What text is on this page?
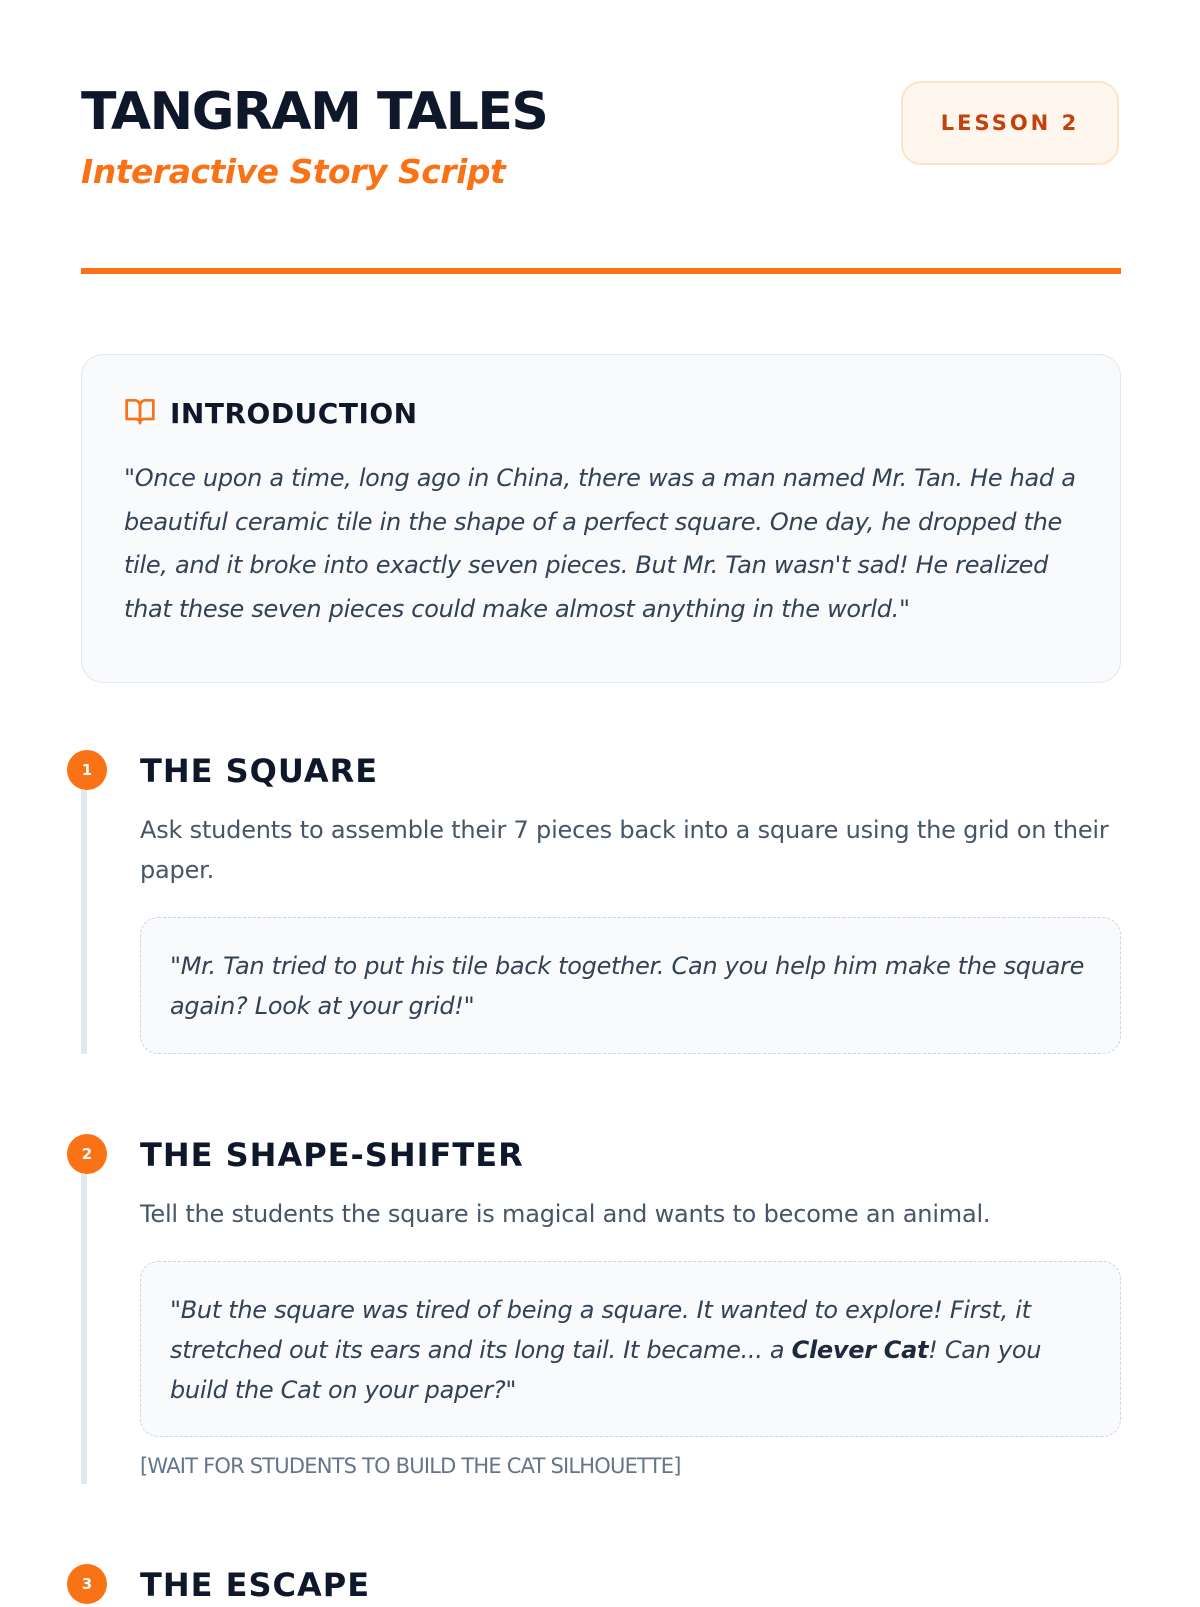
TANGRAM TALES
Interactive Story Script
LESSON 2
INTRODUCTION
"Once upon a time, long ago in China, there was a man named Mr. Tan. He had a beautiful ceramic tile in the shape of a perfect square. One day, he dropped the tile, and it broke into exactly seven pieces. But Mr. Tan wasn't sad! He realized that these seven pieces could make almost anything in the world."
1	THE SQUARE
Ask students to assemble their 7 pieces back into a square using the grid on their paper.
"Mr. Tan tried to put his tile back together. Can you help him make the square again? Look at your grid!"
2	THE SHAPE-SHIFTER
Tell the students the square is magical and wants to become an animal.
"But the square was tired of being a square. It wanted to explore! First, it stretched out its ears and its long tail. It became... a Clever Cat! Can you build the Cat on your paper?"
[WAIT FOR STUDENTS TO BUILD THE CAT SILHOUETTE]
3	THE ESCAPE
